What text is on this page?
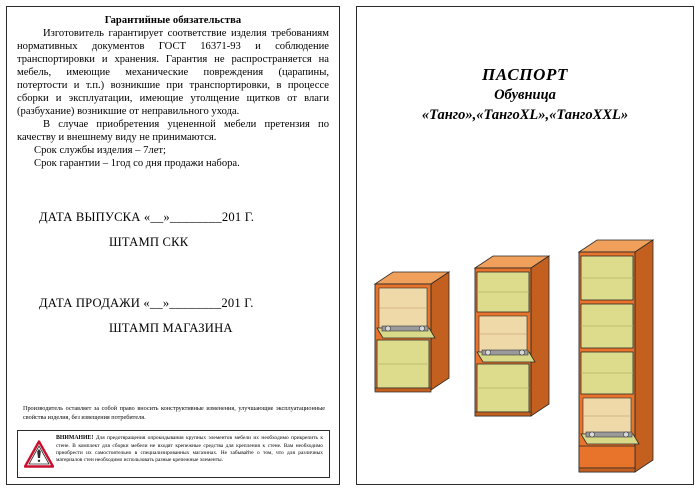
Гарантийные обязательства

Изготовитель гарантирует соответствие изделия требованиям нормативных документов ГОСТ 16371-93 и соблюдение транспортировки и хранения. Гарантия не распространяется на мебель, имеющие механические повреждения (царапины, потертости и т.п.) возникшие при транспортировки, в процессе сборки и эксплуатации, имеющие утолщение щитков от влаги (разбухание) возникшие от неправильного ухода.

В случае приобретения уцененной мебели претензия по качеству и внешнему виду не принимаются.

Срок службы изделия – 7лет;

Срок гарантии – 1год со дня продажи набора.

ДАТА ВЫПУСКА «__»________201 Г.
ШТАМП СКК
ДАТА ПРОДАЖИ «__»________201 Г.
ШТАМП МАГАЗИНА
Производитель оставляет за собой право вносить конструктивные изменения, улучшающие эксплуатационные свойства изделия, без извещения потребителя.
ВНИМАНИЕ! Для предотвращения опрокидывания крупных элементов мебели их необходимо прикрепить к стене. В комплект для сборки мебели не входят крепежные средства для крепления к стене. Вам необходимо приобрести их самостоятельно в специализированных магазинах. Не забывайте о том, что для различных материалов стен необходимо использовать разные крепежные элементы.
ПАСПОРТ
Обувница
«Танго»,«ТангоXL»,«ТангоXXL»
